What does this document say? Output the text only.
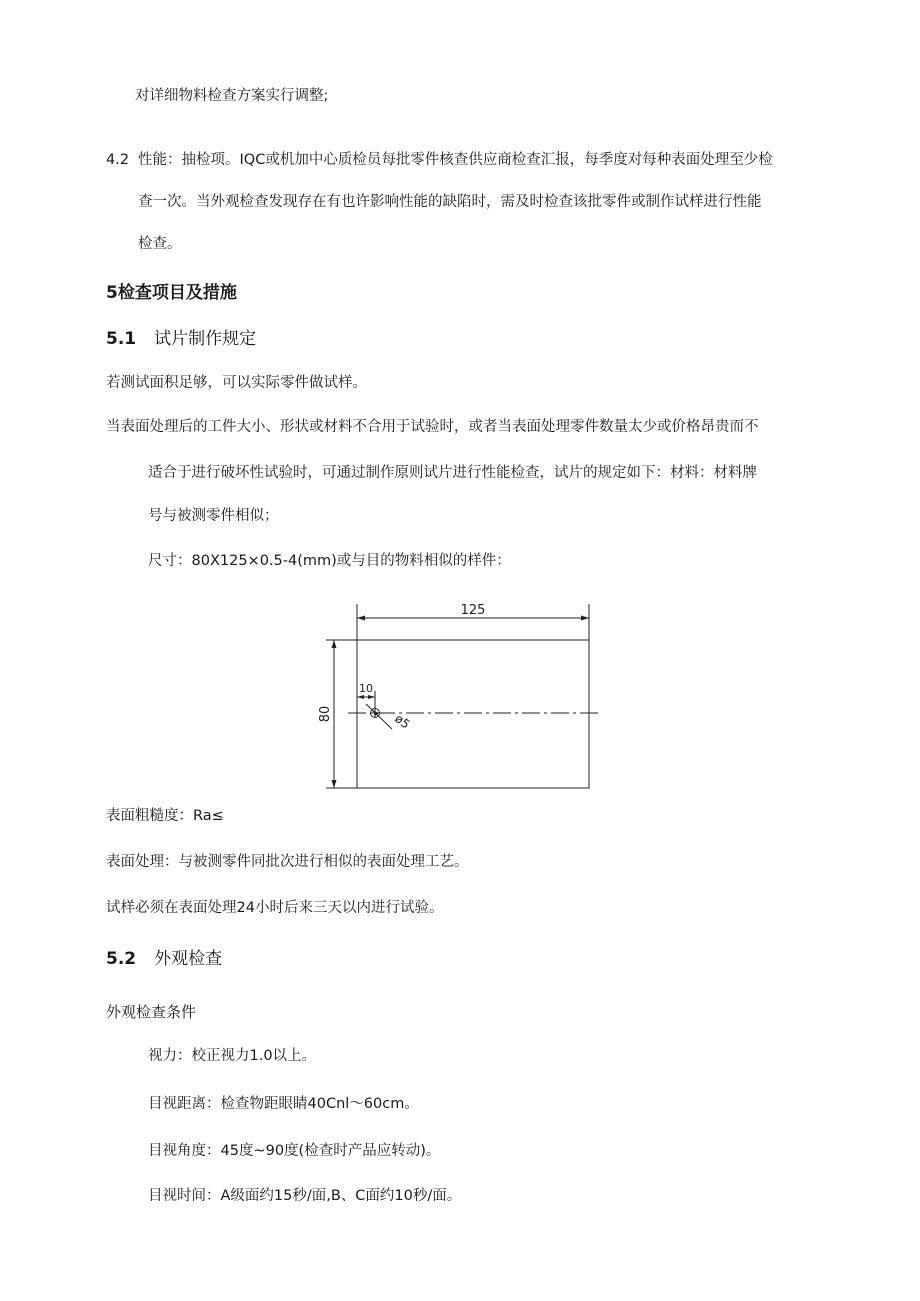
对详细物料检查方案实行调整;
4.2 性能：抽检项。IQC或机加中心质检员每批零件核查供应商检查汇报，每季度对每种表面处理至少检
查一次。当外观检查发现存在有也许影响性能的缺陷时，需及时检查该批零件或制作试样进行性能
检查。
5检查项目及措施
5.1 试片制作规定
若测试面积足够，可以实际零件做试样。
当表面处理后的工件大小、形状或材料不合用于试验时，或者当表面处理零件数量太少或价格昂贵而不
适合于进行破坏性试验时，可通过制作原则试片进行性能检查，试片的规定如下：材料：材料牌
号与被测零件相似；
尺寸：80X125×0.5-4(mm)或与目的物料相似的样件：
125
80
10
ø5
表面粗糙度：Ra≤
表面处理：与被测零件同批次进行相似的表面处理工艺。
试样必须在表面处理24小时后来三天以内进行试验。
5.2 外观检查
外观检查条件
视力：校正视力1.0以上。
目视距离：检查物距眼睛40Cnl～60cm。
目视角度：45度~90度(检查时产品应转动)。
目视时间：A级面约15秒/面,B、C面约10秒/面。
